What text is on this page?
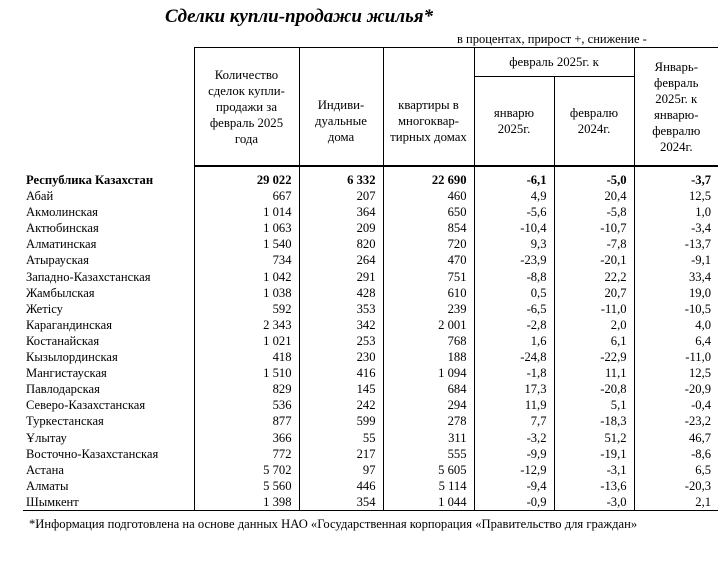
Сделки купли-продажи жилья*
в процентах, прирост +, снижение -
	Количество сделок купли-продажи за февраль 2025 года			февраль 2025г. к		Январь-февраль 2025г. к январю-февралю 2024г.
		Индиви-дуальные дома	квартиры в многоквар-тирных домах	январю 2025г.	февралю 2024г.	
Республика Казахстан	29 022	6 332	22 690	-6,1	-5,0	-3,7
Абай	667	207	460	4,9	20,4	12,5
Акмолинская	1 014	364	650	-5,6	-5,8	1,0
Актюбинская	1 063	209	854	-10,4	-10,7	-3,4
Алматинская	1 540	820	720	9,3	-7,8	-13,7
Атырауская	734	264	470	-23,9	-20,1	-9,1
Западно-Казахстанская	1 042	291	751	-8,8	22,2	33,4
Жамбылская	1 038	428	610	0,5	20,7	19,0
Жетісу	592	353	239	-6,5	-11,0	-10,5
Карагандинская	2 343	342	2 001	-2,8	2,0	4,0
Костанайская	1 021	253	768	1,6	6,1	6,4
Кызылординская	418	230	188	-24,8	-22,9	-11,0
Мангистауская	1 510	416	1 094	-1,8	11,1	12,5
Павлодарская	829	145	684	17,3	-20,8	-20,9
Северо-Казахстанская	536	242	294	11,9	5,1	-0,4
Туркестанская	877	599	278	7,7	-18,3	-23,2
Ұлытау	366	55	311	-3,2	51,2	46,7
Восточно-Казахстанская	772	217	555	-9,9	-19,1	-8,6
Астана	5 702	97	5 605	-12,9	-3,1	6,5
Алматы	5 560	446	5 114	-9,4	-13,6	-20,3
Шымкент	1 398	354	1 044	-0,9	-3,0	2,1
*Информация подготовлена на основе данных НАО «Государственная корпорация «Правительство для граждан»
